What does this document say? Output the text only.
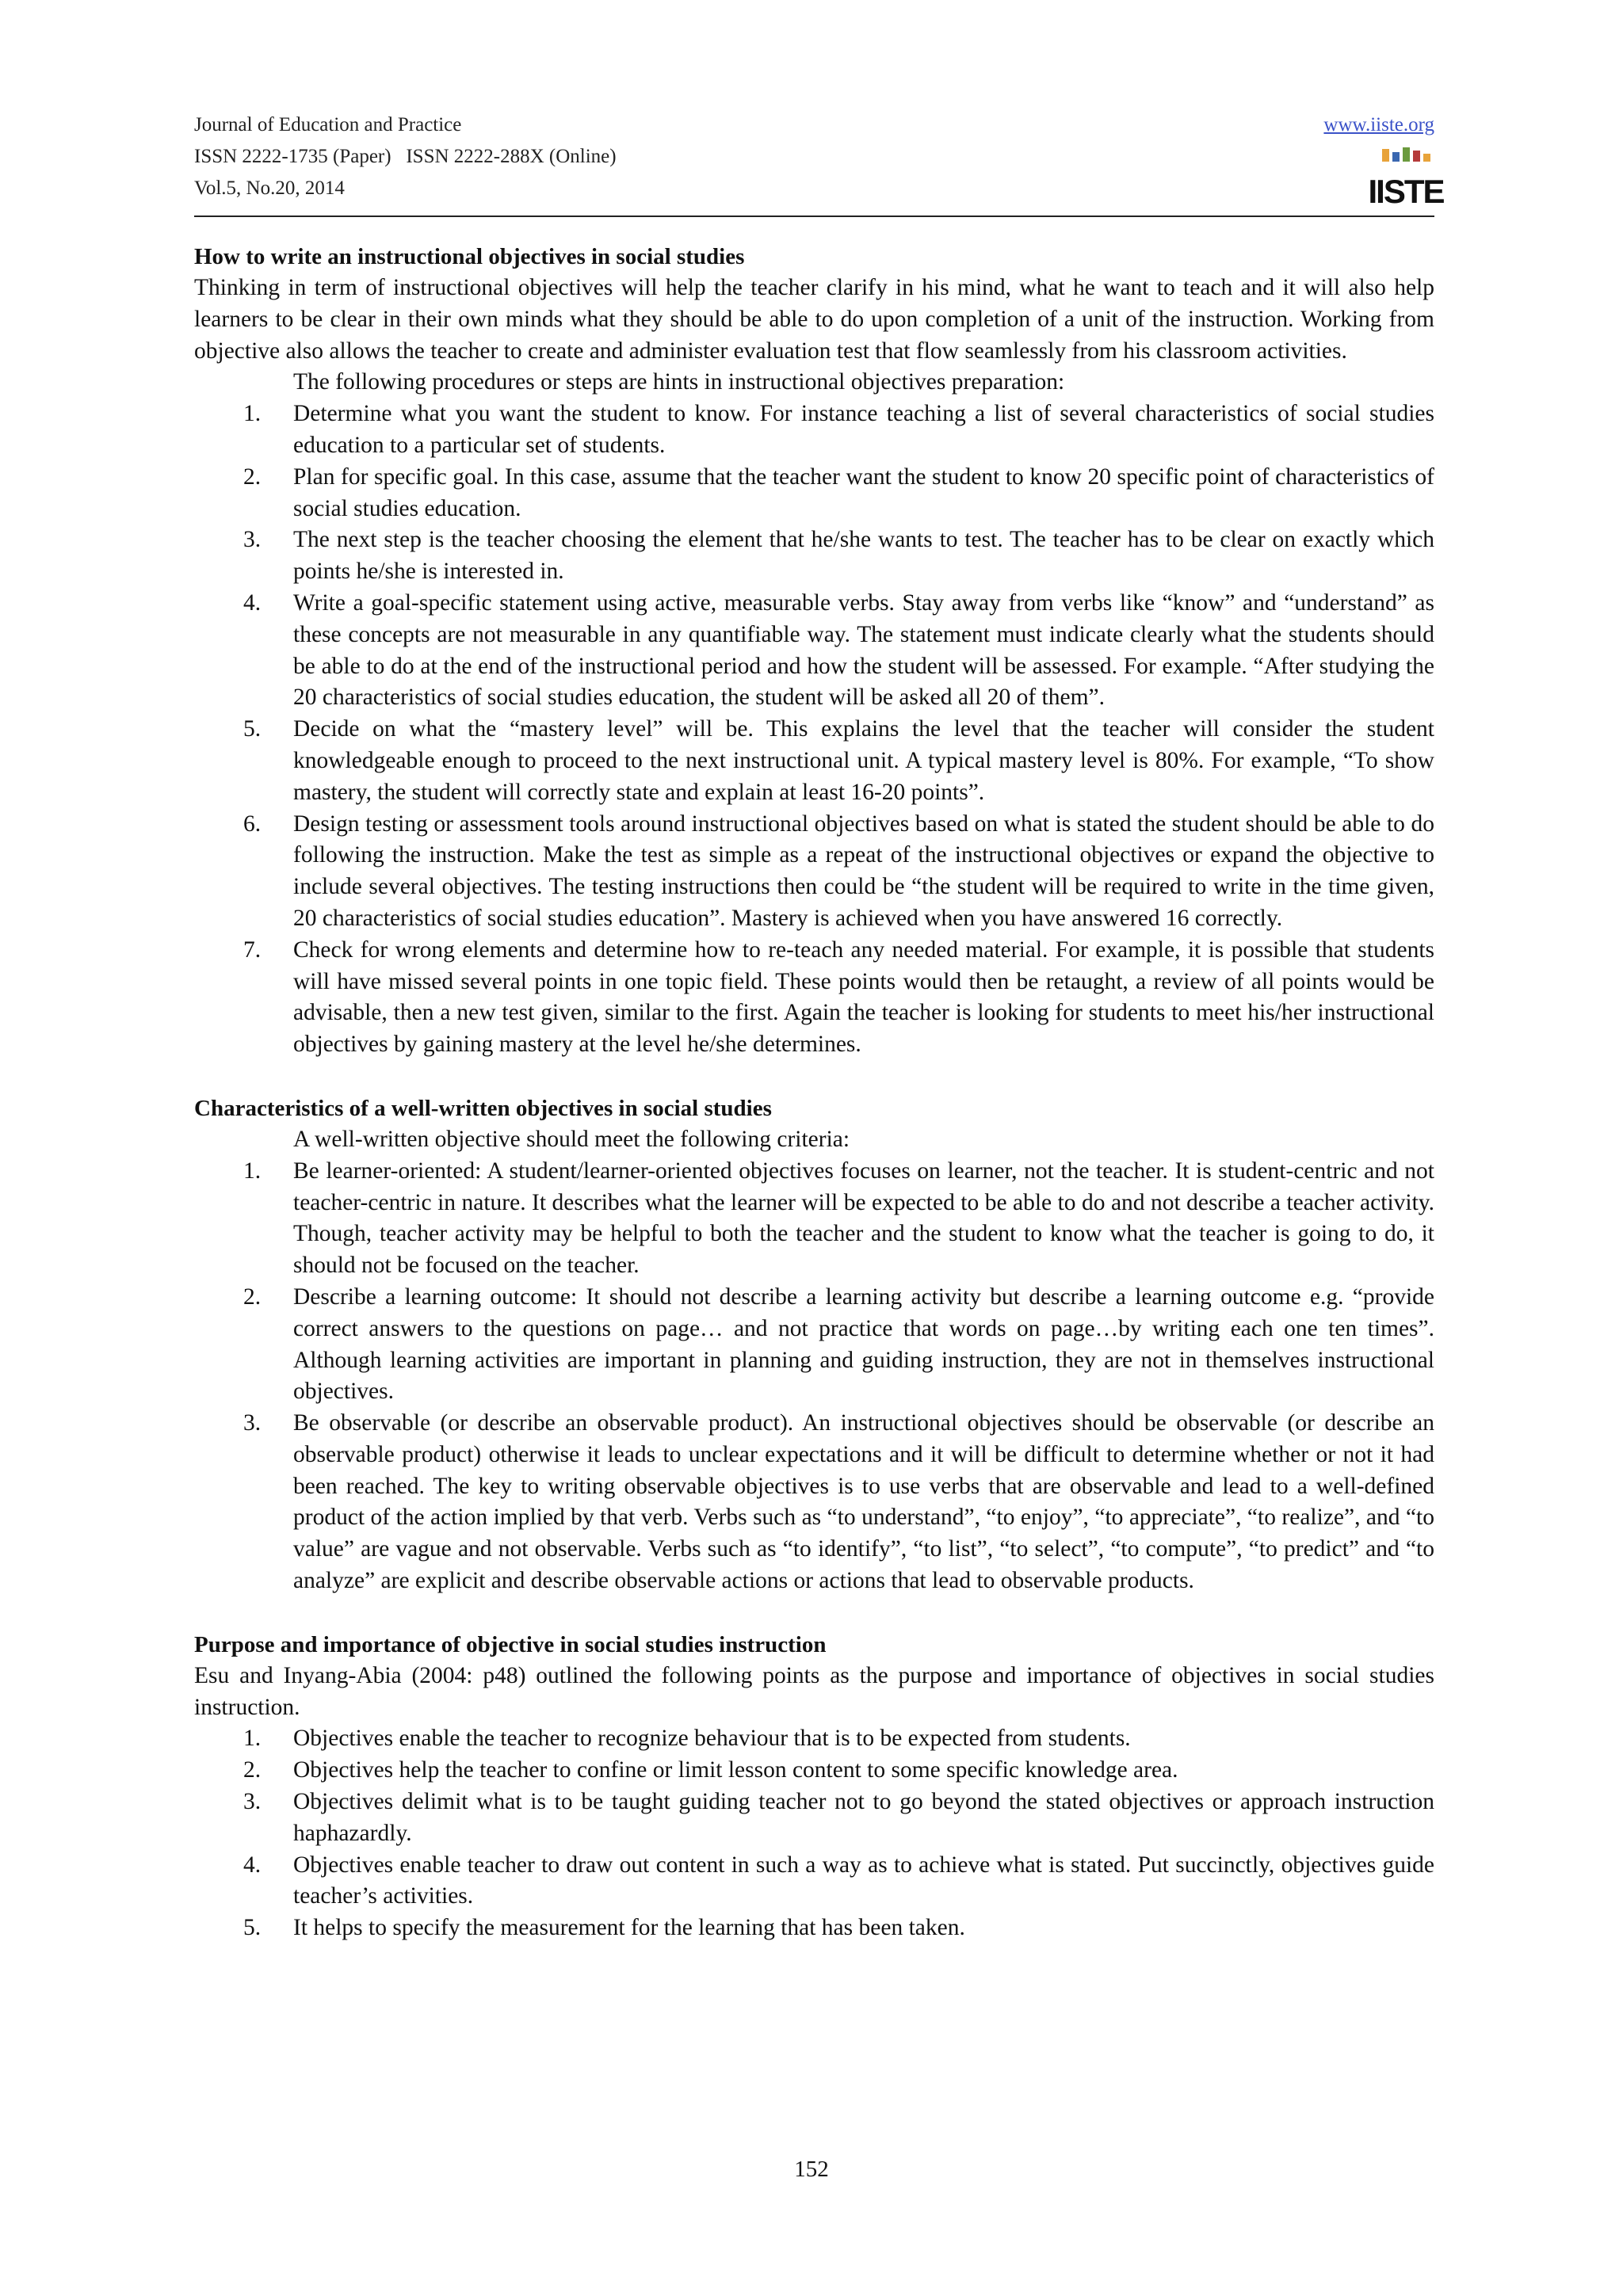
Journal of Education and Practice
ISSN 2222-1735 (Paper)   ISSN 2222-288X (Online)
Vol.5, No.20, 2014
www.iiste.org
IISTE
How to write an instructional objectives in social studies

Thinking in term of instructional objectives will help the teacher clarify in his mind, what he want to teach and it will also help learners to be clear in their own minds what they should be able to do upon completion of a unit of the instruction. Working from objective also allows the teacher to create and administer evaluation test that flow seamlessly from his classroom activities.

The following procedures or steps are hints in instructional objectives preparation:

1. Determine what you want the student to know. For instance teaching a list of several characteristics of social studies education to a particular set of students.
2. Plan for specific goal. In this case, assume that the teacher want the student to know 20 specific point of characteristics of social studies education.
3. The next step is the teacher choosing the element that he/she wants to test. The teacher has to be clear on exactly which points he/she is interested in.
4. Write a goal-specific statement using active, measurable verbs. Stay away from verbs like “know” and “understand” as these concepts are not measurable in any quantifiable way. The statement must indicate clearly what the students should be able to do at the end of the instructional period and how the student will be assessed. For example. “After studying the 20 characteristics of social studies education, the student will be asked all 20 of them”.
5. Decide on what the “mastery level” will be. This explains the level that the teacher will consider the student knowledgeable enough to proceed to the next instructional unit. A typical mastery level is 80%. For example, “To show mastery, the student will correctly state and explain at least 16-20 points”.
6. Design testing or assessment tools around instructional objectives based on what is stated the student should be able to do following the instruction. Make the test as simple as a repeat of the instructional objectives or expand the objective to include several objectives. The testing instructions then could be “the student will be required to write in the time given, 20 characteristics of social studies education”. Mastery is achieved when you have answered 16 correctly.
7. Check for wrong elements and determine how to re-teach any needed material. For example, it is possible that students will have missed several points in one topic field. These points would then be retaught, a review of all points would be advisable, then a new test given, similar to the first. Again the teacher is looking for students to meet his/her instructional objectives by gaining mastery at the level he/she determines.
Characteristics of a well-written objectives in social studies

A well-written objective should meet the following criteria:

1. Be learner-oriented: A student/learner-oriented objectives focuses on learner, not the teacher. It is student-centric and not teacher-centric in nature. It describes what the learner will be expected to be able to do and not describe a teacher activity. Though, teacher activity may be helpful to both the teacher and the student to know what the teacher is going to do, it should not be focused on the teacher.
2. Describe a learning outcome: It should not describe a learning activity but describe a learning outcome e.g. “provide correct answers to the questions on page… and not practice that words on page…by writing each one ten times”. Although learning activities are important in planning and guiding instruction, they are not in themselves instructional objectives.
3. Be observable (or describe an observable product). An instructional objectives should be observable (or describe an observable product) otherwise it leads to unclear expectations and it will be difficult to determine whether or not it had been reached. The key to writing observable objectives is to use verbs that are observable and lead to a well-defined product of the action implied by that verb. Verbs such as “to understand”, “to enjoy”, “to appreciate”, “to realize”, and “to value” are vague and not observable. Verbs such as “to identify”, “to list”, “to select”, “to compute”, “to predict” and “to analyze” are explicit and describe observable actions or actions that lead to observable products.
Purpose and importance of objective in social studies instruction

Esu and Inyang-Abia (2004: p48) outlined the following points as the purpose and importance of objectives in social studies instruction.

1. Objectives enable the teacher to recognize behaviour that is to be expected from students.
2. Objectives help the teacher to confine or limit lesson content to some specific knowledge area.
3. Objectives delimit what is to be taught guiding teacher not to go beyond the stated objectives or approach instruction haphazardly.
4. Objectives enable teacher to draw out content in such a way as to achieve what is stated. Put succinctly, objectives guide teacher’s activities.
5. It helps to specify the measurement for the learning that has been taken.
152
